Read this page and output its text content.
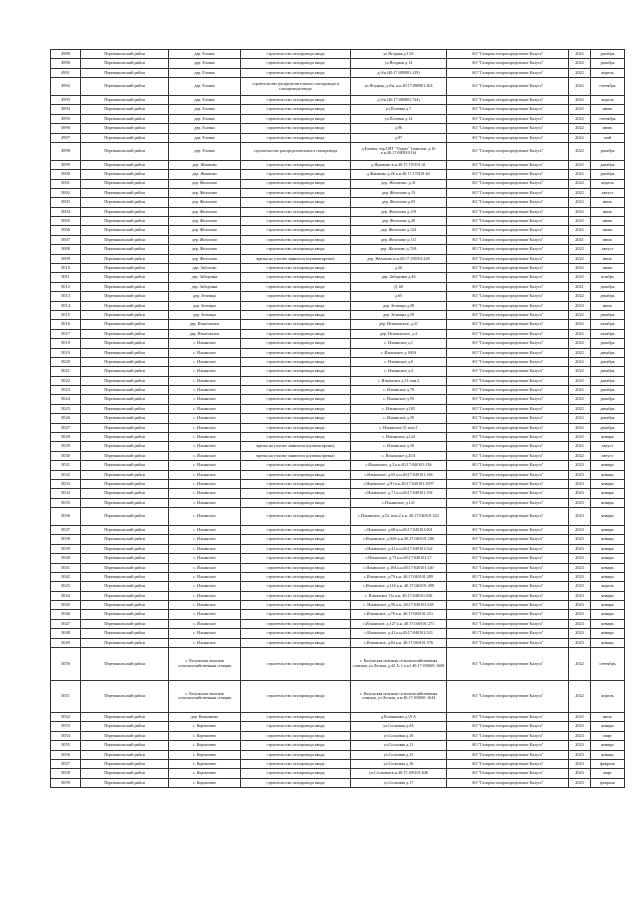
4989	Перемышльский район	дер. Еловка	строительство газопровода ввода	ул.Ягодная д.13А	АО "Газпром газораспределение Калуга"	2022	декабрь
4990	Перемышльский район	дер. Еловка	строительство газопровода ввода	ул.Ягодная д.14	АО "Газпром газораспределение Калуга"	2022	декабрь
4991	Перемышльский район	дер. Еловка	строительство газопровода ввода	д.б/н (40:17:080801:129)	АО "Газпром газораспределение Калуга"	2022	апрель
4992	Перемышльский район	дер. Еловка	строительство распределительного газопровода и газопровода-ввода	ул.Ягодная, д.б/н, к.н.40:17:080801:204	АО "Газпром газораспределение Калуга"	2022	сентябрь
4993	Перемышльский район	дер. Еловка	строительство газопровода ввода	д.б/н (40:17:080801:744)	АО "Газпром газораспределение Калуга"	2022	апрель
4994	Перемышльский район	дер. Еловка	строительство газопровода ввода	ул.Полевая д.7	АО "Газпром газораспределение Калуга"	2022	июнь
4995	Перемышльский район	дер. Еловка	строительство газопровода ввода	ул.Полевая д.14	АО "Газпром газораспределение Калуга"	2022	сентябрь
4996	Перемышльский район	дер. Еловка	строительство газопровода ввода	д.96	АО "Газпром газораспределение Калуга"	2022	июнь
4997	Перемышльский район	дер. Еловка	строительство газопровода ввода	д.87	АО "Газпром газораспределение Калуга"	2022	май
4998	Перемышльский район	дер. Еловка	строительство распределительного газопровода	д.Еловка, тер.СНТ "Отдых" (земельн. д.16 к.н.40:17:080810:16)	АО "Газпром газораспределение Калуга"	2022	декабрь
4999	Перемышльский район	дер. Жашково	строительство газопровода ввода	д.Жашково к.н.40:17:170101:41	АО "Газпром газораспределение Калуга"	2022	декабрь
5000	Перемышльский район	дер. Жашково	строительство газопровода ввода	д.Жашково д.2Б к.н.40:17:170101:62	АО "Газпром газораспределение Калуга"	2022	декабрь
5001	Перемышльский район	дер. Желохово	строительство газопровода ввода	дер. Желохово, д.31	АО "Газпром газораспределение Калуга"	2022	апрель
5002	Перемышльский район	дер. Желохово	строительство газопровода ввода	дер. Желохово д.13	АО "Газпром газораспределение Калуга"	2022	август
5003	Перемышльский район	дер. Желохово	строительство газопровода ввода	дер. Желохово д.65	АО "Газпром газораспределение Калуга"	2022	июль
5004	Перемышльский район	дер. Желохово	строительство газопровода ввода	дер. Желохово д.119	АО "Газпром газораспределение Калуга"	2022	июль
5005	Перемышльский район	дер. Желохово	строительство газопровода ввода	дер. Желохово д.40	АО "Газпром газораспределение Калуга"	2022	июнь
5006	Перемышльский район	дер. Желохово	строительство газопровода ввода	дер. Желохово д.124	АО "Газпром газораспределение Калуга"	2022	июнь
5007	Перемышльский район	дер. Желохово	строительство газопровода ввода	дер. Желохово д.111	АО "Газпром газораспределение Калуга"	2021	июль
5008	Перемышльский район	дер. Желохово	строительство газопровода ввода	дер. Желохово д.74А	АО "Газпром газораспределение Калуга"	2022	август
5009	Перемышльский район	дер. Желохово	врезка на участке заявителя (нулевая врезка)	дер. Желохово к.н.40:17:150501:428	АО "Газпром газораспределение Калуга"	2022	июль
5010	Перемышльский район	дер. Заболово	строительство газопровода ввода	д.26	АО "Газпром газораспределение Калуга"	2022	июнь
5011	Перемышльский район	дер. Заборовка	строительство газопровода ввода	дер. Заборовка д.46	АО "Газпром газораспределение Калуга"	2022	ноябрь
5012	Перемышльский район	дер. Заборовка	строительство газопровода ввода	Д. 68	АО "Газпром газораспределение Калуга"	2021	декабрь
5013	Перемышльский район	дер. Зеленцы	строительство газопровода ввода	д.65	АО "Газпром газораспределение Калуга"	2022	декабрь
5014	Перемышльский район	дер. Зеленцы	строительство газопровода ввода	дер. Зеленцы д.49	АО "Газпром газораспределение Калуга"	2023	июль
5015	Перемышльский район	дер. Зеленцы	строительство газопровода ввода	дер. Зеленцы д.39	АО "Газпром газораспределение Калуга"	2022	декабрь
5016	Перемышльский район	дер. Игнатовское	строительство газопровода ввода	дер. Игнатовское, д.21	АО "Газпром газораспределение Калуга"	2022	октябрь
5017	Перемышльский район	дер. Игнатовское	строительство газопровода ввода	дер. Игнатовское, д.4	АО "Газпром газораспределение Калуга"	2022	октябрь
5018	Перемышльский район	с. Ильинское	строительство газопровода ввода	с. Ильинское д.1	АО "Газпром газораспределение Калуга"	2022	декабрь
5019	Перемышльский район	с. Ильинское	строительство газопровода ввода	с. Ильинское д.100А	АО "Газпром газораспределение Калуга"	2022	декабрь
5020	Перемышльский район	с. Ильинское	строительство газопровода ввода	с. Ильинское д.6	АО "Газпром газораспределение Калуга"	2022	декабрь
5021	Перемышльский район	с. Ильинское	строительство газопровода ввода	с. Ильинское д.3	АО "Газпром газораспределение Калуга"	2022	декабрь
5022	Перемышльский район	с. Ильинское	строительство газопровода ввода	с. Ильинское д.51 пом.2	АО "Газпром газораспределение Калуга"	2022	декабрь
5023	Перемышльский район	с. Ильинское	строительство газопровода ввода	с. Ильинское д.78	АО "Газпром газораспределение Калуга"	2022	декабрь
5024	Перемышльский район	с. Ильинское	строительство газопровода ввода	с. Ильинское д.93	АО "Газпром газораспределение Калуга"	2022	декабрь
5025	Перемышльский район	с. Ильинское	строительство газопровода ввода	с. Ильинское д.105	АО "Газпром газораспределение Калуга"	2022	декабрь
5026	Перемышльский район	с. Ильинское	строительство газопровода ввода	с. Ильинское д.39	АО "Газпром газораспределение Калуга"	2022	декабрь
5027	Перемышльский район	с. Ильинское	строительство газопровода ввода	с. Ильинское,51 пом.1	АО "Газпром газораспределение Калуга"	2022	декабрь
5028	Перемышльский район	с. Ильинское	строительство газопровода ввода	с. Ильинское д.124	АО "Газпром газораспределение Калуга"	2022	январь
5029	Перемышльский район	с. Ильинское	врезка на участке заявителя (нулевая врезка)	с. Ильинское д.30	АО "Газпром газораспределение Калуга"	2022	август
5030	Перемышльский район	с. Ильинское	врезка на участке заявителя (нулевая врезка)	с. Ильинское д.45А	АО "Газпром газораспределение Калуга"	2022	август
5031	Перемышльский район	с. Ильинское	строительство газопровода ввода	с.Ильинское, д.3 к.н.40:17:040101:136	АО "Газпром газораспределение Калуга"	2023	январь
5032	Перемышльский район	с. Ильинское	строительство газопровода ввода	с.Ильинское, д.65 к.н.40:17:040101:166	АО "Газпром газораспределение Калуга"	2023	январь
5033	Перемышльский район	с. Ильинское	строительство газопровода ввода	с.Ильинское, д.91 к.н.40:17:040101:1097	АО "Газпром газораспределение Калуга"	2023	январь
5034	Перемышльский район	с. Ильинское	строительство газопровода ввода	с.Ильинское, д.71 к.н.40:17:040101:194	АО "Газпром газораспределение Калуга"	2023	январь
5035	Перемышльский район	с. Ильинское	строительство газопровода ввода	с.Ильинское, д.121	АО "Газпром газораспределение Калуга"	2023	январь
5036	Перемышльский район	с. Ильинское	строительство газопровода ввода	с.Ильинское, д.54, пом.2 к.н. 40:17:040101:522	АО "Газпром газораспределение Калуга"	2023	январь
5037	Перемышльский район	с. Ильинское	строительство газопровода ввода	с.Ильинское, д.68 к.н.40:17:040101:001	АО "Газпром газораспределение Калуга"	2023	январь
5038	Перемышльский район	с. Ильинское	строительство газопровода ввода	с.Ильинское, д.94А к.н.40:17:040101:180	АО "Газпром газораспределение Калуга"	2023	январь
5039	Перемышльский район	с. Ильинское	строительство газопровода ввода	с.Ильинское, д.41 к.н.40:17:040101:524	АО "Газпром газораспределение Калуга"	2023	январь
5040	Перемышльский район	с. Ильинское	строительство газопровода ввода	с.Ильинское, д.73 к.н.40:17:040101:27	АО "Газпром газораспределение Калуга"	2023	январь
5041	Перемышльский район	с. Ильинское	строительство газопровода ввода	с.Ильинское, д.104 к.н.40:17:040101:140	АО "Газпром газораспределение Калуга"	2023	январь
5042	Перемышльский район	с. Ильинское	строительство газопровода ввода	с.Ильинское, д.79 к.н. 40:17:040101:289	АО "Газпром газораспределение Калуга"	2023	январь
5043	Перемышльский район	с. Ильинское	строительство газопровода ввода	с.Ильинское, д.116 к.н. 40:17:040101:498	АО "Газпром газораспределение Калуга"	2023	апрель
5044	Перемышльский район	с. Ильинское	строительство газопровода ввода	с. Ильинское 11а к.н. 40:17:040101:556	АО "Газпром газораспределение Калуга"	2023	январь
5045	Перемышльский район	с. Ильинское	строительство газопровода ввода	с. Ильинское, д.99 к.н. 40:17:040101:528	АО "Газпром газораспределение Калуга"	2023	январь
5046	Перемышльский район	с. Ильинское	строительство газопровода ввода	с.Ильинское, д.78 к.н. 40:17:040101:251	АО "Газпром газораспределение Калуга"	2023	январь
5047	Перемышльский район	с. Ильинское	строительство газопровода ввода	с.Ильинское, д.127 к.н. 40:17:040101:271	АО "Газпром газораспределение Калуга"	2023	январь
5048	Перемышльский район	с. Ильинское	строительство газопровода ввода	с.Ильинское, д.41 к.н.40:17:040101:523	АО "Газпром газораспределение Калуга"	2023	январь
5049	Перемышльский район	с. Ильинское	строительство газопровода ввода	с.Ильинское, д.84 к.н. 40:17:040101:576	АО "Газпром газораспределение Калуга"	2023	январь
5050	Перемышльский район	с. Калужская опытная сельскохозяйственная станция	строительство газопровода ввода	с. Калужская опытная сельскохозяйственная станция, ул.Лесная, д.42 А, ( к.н.) 40:17:030601:1668	АО "Газпром газораспределение Калуга"	2022	сентябрь
5051	Перемышльский район	с. Калужская опытная сельскохозяйственная станция	строительство газопровода ввода	с. Калужская опытная сельскохозяйственная станция, ул.Лесная, к.н.40:17:030601:1044	АО "Газпром газораспределение Калуга"	2022	апрель
5052	Перемышльский район	дер. Кошняково	строительство газопровода ввода	д.Кошняково д.19 А	АО "Газпром газораспределение Калуга"	2022	июль
5053	Перемышльский район	с. Корекозево	строительство газопровода ввода	ул.Сосновая д.4А	АО "Газпром газораспределение Калуга"	2023	январь
5054	Перемышльский район	с. Корекозево	строительство газопровода ввода	ул.Сосновая д.10	АО "Газпром газораспределение Калуга"	2023	март
5055	Перемышльский район	с. Корекозево	строительство газопровода ввода	ул.Сосновая д.11	АО "Газпром газораспределение Калуга"	2023	январь
5056	Перемышльский район	с. Корекозево	строительство газопровода ввода	ул.Сосновая д.15	АО "Газпром газораспределение Калуга"	2023	январь
5057	Перемышльский район	с. Корекозево	строительство газопровода ввода	ул.Сосновая д.16	АО "Газпром газораспределение Калуга"	2023	февраль
5058	Перемышльский район	с. Корекозево	строительство газопровода ввода	ул.Сосновая к.н.40:17:100101:648	АО "Газпром газораспределение Калуга"	2023	март
5059	Перемышльский район	с. Корекозево	строительство газопровода ввода	ул.Сосновая д.17	АО "Газпром газораспределение Калуга"	2023	февраль
